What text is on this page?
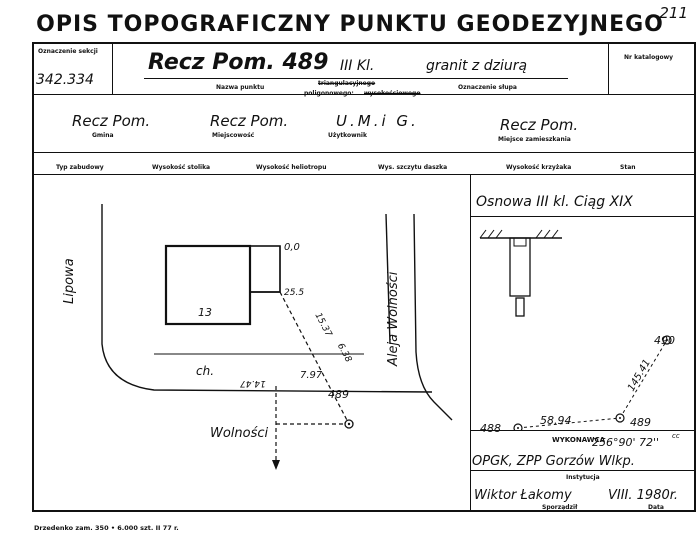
OPIS TOPOGRAFICZNY PUNKTU GEODEZYJNEGO
211
Oznaczenie sekcji
342.334
Recz Pom. 489 III Kl.	granit z dziurą
Nazwa punktu
triangulacyjnego
poligonowego: wysokościowego
Oznaczenie słupa
Nr katalogowy
Recz Pom.
Gmina
Recz Pom.
Miejscowość
U.M.i G.
Użytkownik
Recz Pom.
Miejsce zamieszkania
Typ zabudowy	Wysokość stolika	Wysokość heliotropu	Wys. szczytu daszka	Wysokość krzyżaka	Stan
Lipowa	Aleja Wolności
Wolności
13
ch.
0,0
25.5
15.37
6.38
14.47
7.97
489
Osnowa III kl. Ciąg XIX
490
488	489
58.94
145.41
256°90' 72'' cc
WYKONAWCA
OPGK, ZPP Gorzów Wlkp.
Instytucja
Wiktor Łakomy	VIII. 1980r.
Sporządził	Data
Drzedenko zam. 350 • 6.000 szt. II 77 r.
